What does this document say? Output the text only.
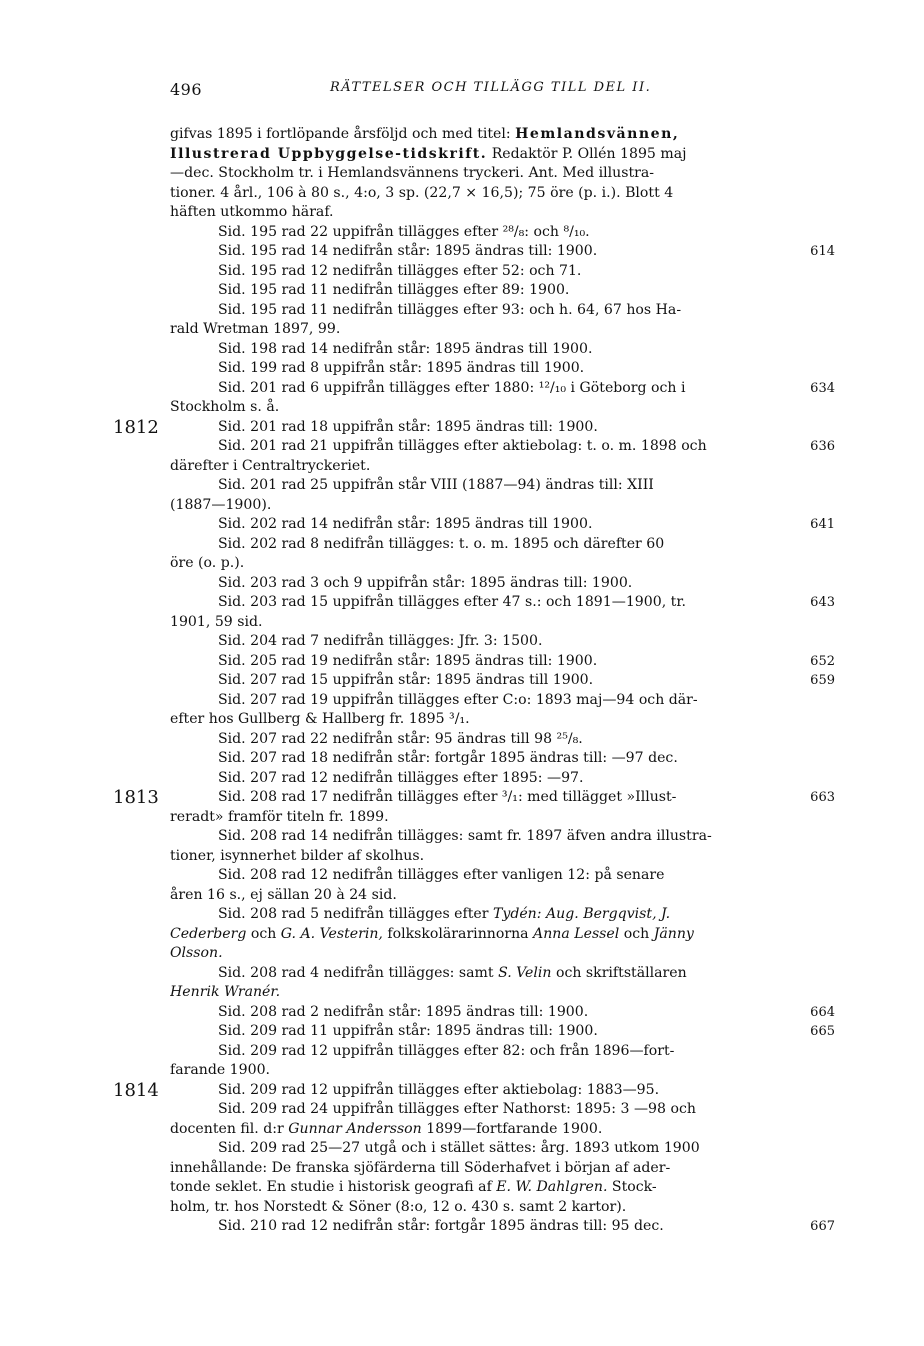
496	RÄTTELSER OCH TILLÄGG TILL DEL II.
gifvas 1895 i fortlöpande årsföljd och med titel: Hemlandsvännen,
Illustrerad Uppbyggelse-tidskrift. Redaktör P. Ollén 1895 maj
—dec. Stockholm tr. i Hemlandsvännens tryckeri. Ant. Med illustra-
tioner. 4 årl., 106 à 80 s., 4:o, 3 sp. (22,7 × 16,5); 75 öre (p. i.). Blott 4
häften utkommo häraf.
Sid. 195 rad 22 uppifrån tillägges efter ²⁸/₈: och ⁸/₁₀.
Sid. 195 rad 14 nedifrån står: 1895 ändras till: 1900.	614
Sid. 195 rad 12 nedifrån tillägges efter 52: och 71.
Sid. 195 rad 11 nedifrån tillägges efter 89: 1900.
Sid. 195 rad 11 nedifrån tillägges efter 93: och h. 64, 67 hos Ha-
rald Wretman 1897, 99.
Sid. 198 rad 14 nedifrån står: 1895 ändras till 1900.
Sid. 199 rad 8 uppifrån står: 1895 ändras till 1900.
Sid. 201 rad 6 uppifrån tillägges efter 1880: ¹²/₁₀ i Göteborg och i	634
Stockholm s. å.
Sid. 201 rad 18 uppifrån står: 1895 ändras till: 1900.
Sid. 201 rad 21 uppifrån tillägges efter aktiebolag: t. o. m. 1898 och	636
därefter i Centraltryckeriet.
Sid. 201 rad 25 uppifrån står VIII (1887—94) ändras till: XIII
(1887—1900).
Sid. 202 rad 14 nedifrån står: 1895 ändras till 1900.	641
Sid. 202 rad 8 nedifrån tillägges: t. o. m. 1895 och därefter 60
öre (o. p.).
Sid. 203 rad 3 och 9 uppifrån står: 1895 ändras till: 1900.
Sid. 203 rad 15 uppifrån tillägges efter 47 s.: och 1891—1900, tr.	643
1901, 59 sid.
Sid. 204 rad 7 nedifrån tillägges: Jfr. 3: 1500.
Sid. 205 rad 19 nedifrån står: 1895 ändras till: 1900.	652
Sid. 207 rad 15 uppifrån står: 1895 ändras till 1900.	659
Sid. 207 rad 19 uppifrån tillägges efter C:o: 1893 maj—94 och där-
efter hos Gullberg & Hallberg fr. 1895 ³/₁.
Sid. 207 rad 22 nedifrån står: 95 ändras till 98 ²⁵/₈.
Sid. 207 rad 18 nedifrån står: fortgår 1895 ändras till: —97 dec.
Sid. 207 rad 12 nedifrån tillägges efter 1895: —97.
Sid. 208 rad 17 nedifrån tillägges efter ³/₁: med tillägget »Illust-	663
reradt» framför titeln fr. 1899.
Sid. 208 rad 14 nedifrån tillägges: samt fr. 1897 äfven andra illustra-
tioner, isynnerhet bilder af skolhus.
Sid. 208 rad 12 nedifrån tillägges efter vanligen 12: på senare
åren 16 s., ej sällan 20 à 24 sid.
Sid. 208 rad 5 nedifrån tillägges efter Tydén: Aug. Bergqvist, J.
Cederberg och G. A. Vesterin, folkskolärarinnorna Anna Lessel och Jänny
Olsson.
Sid. 208 rad 4 nedifrån tillägges: samt S. Velin och skriftställaren
Henrik Wranér.
Sid. 208 rad 2 nedifrån står: 1895 ändras till: 1900.	664
Sid. 209 rad 11 uppifrån står: 1895 ändras till: 1900.	665
Sid. 209 rad 12 uppifrån tillägges efter 82: och från 1896—fort-
farande 1900.
Sid. 209 rad 12 uppifrån tillägges efter aktiebolag: 1883—95.
Sid. 209 rad 24 uppifrån tillägges efter Nathorst: 1895: 3 —98 och
docenten fil. d:r Gunnar Andersson 1899—fortfarande 1900.
Sid. 209 rad 25—27 utgå och i stället sättes: årg. 1893 utkom 1900
innehållande: De franska sjöfärderna till Söderhafvet i början af ader-
tonde seklet. En studie i historisk geografi af E. W. Dahlgren. Stock-
holm, tr. hos Norstedt & Söner (8:o, 12 o. 430 s. samt 2 kartor).
Sid. 210 rad 12 nedifrån står: fortgår 1895 ändras till: 95 dec.	667
1812
1813
1814
